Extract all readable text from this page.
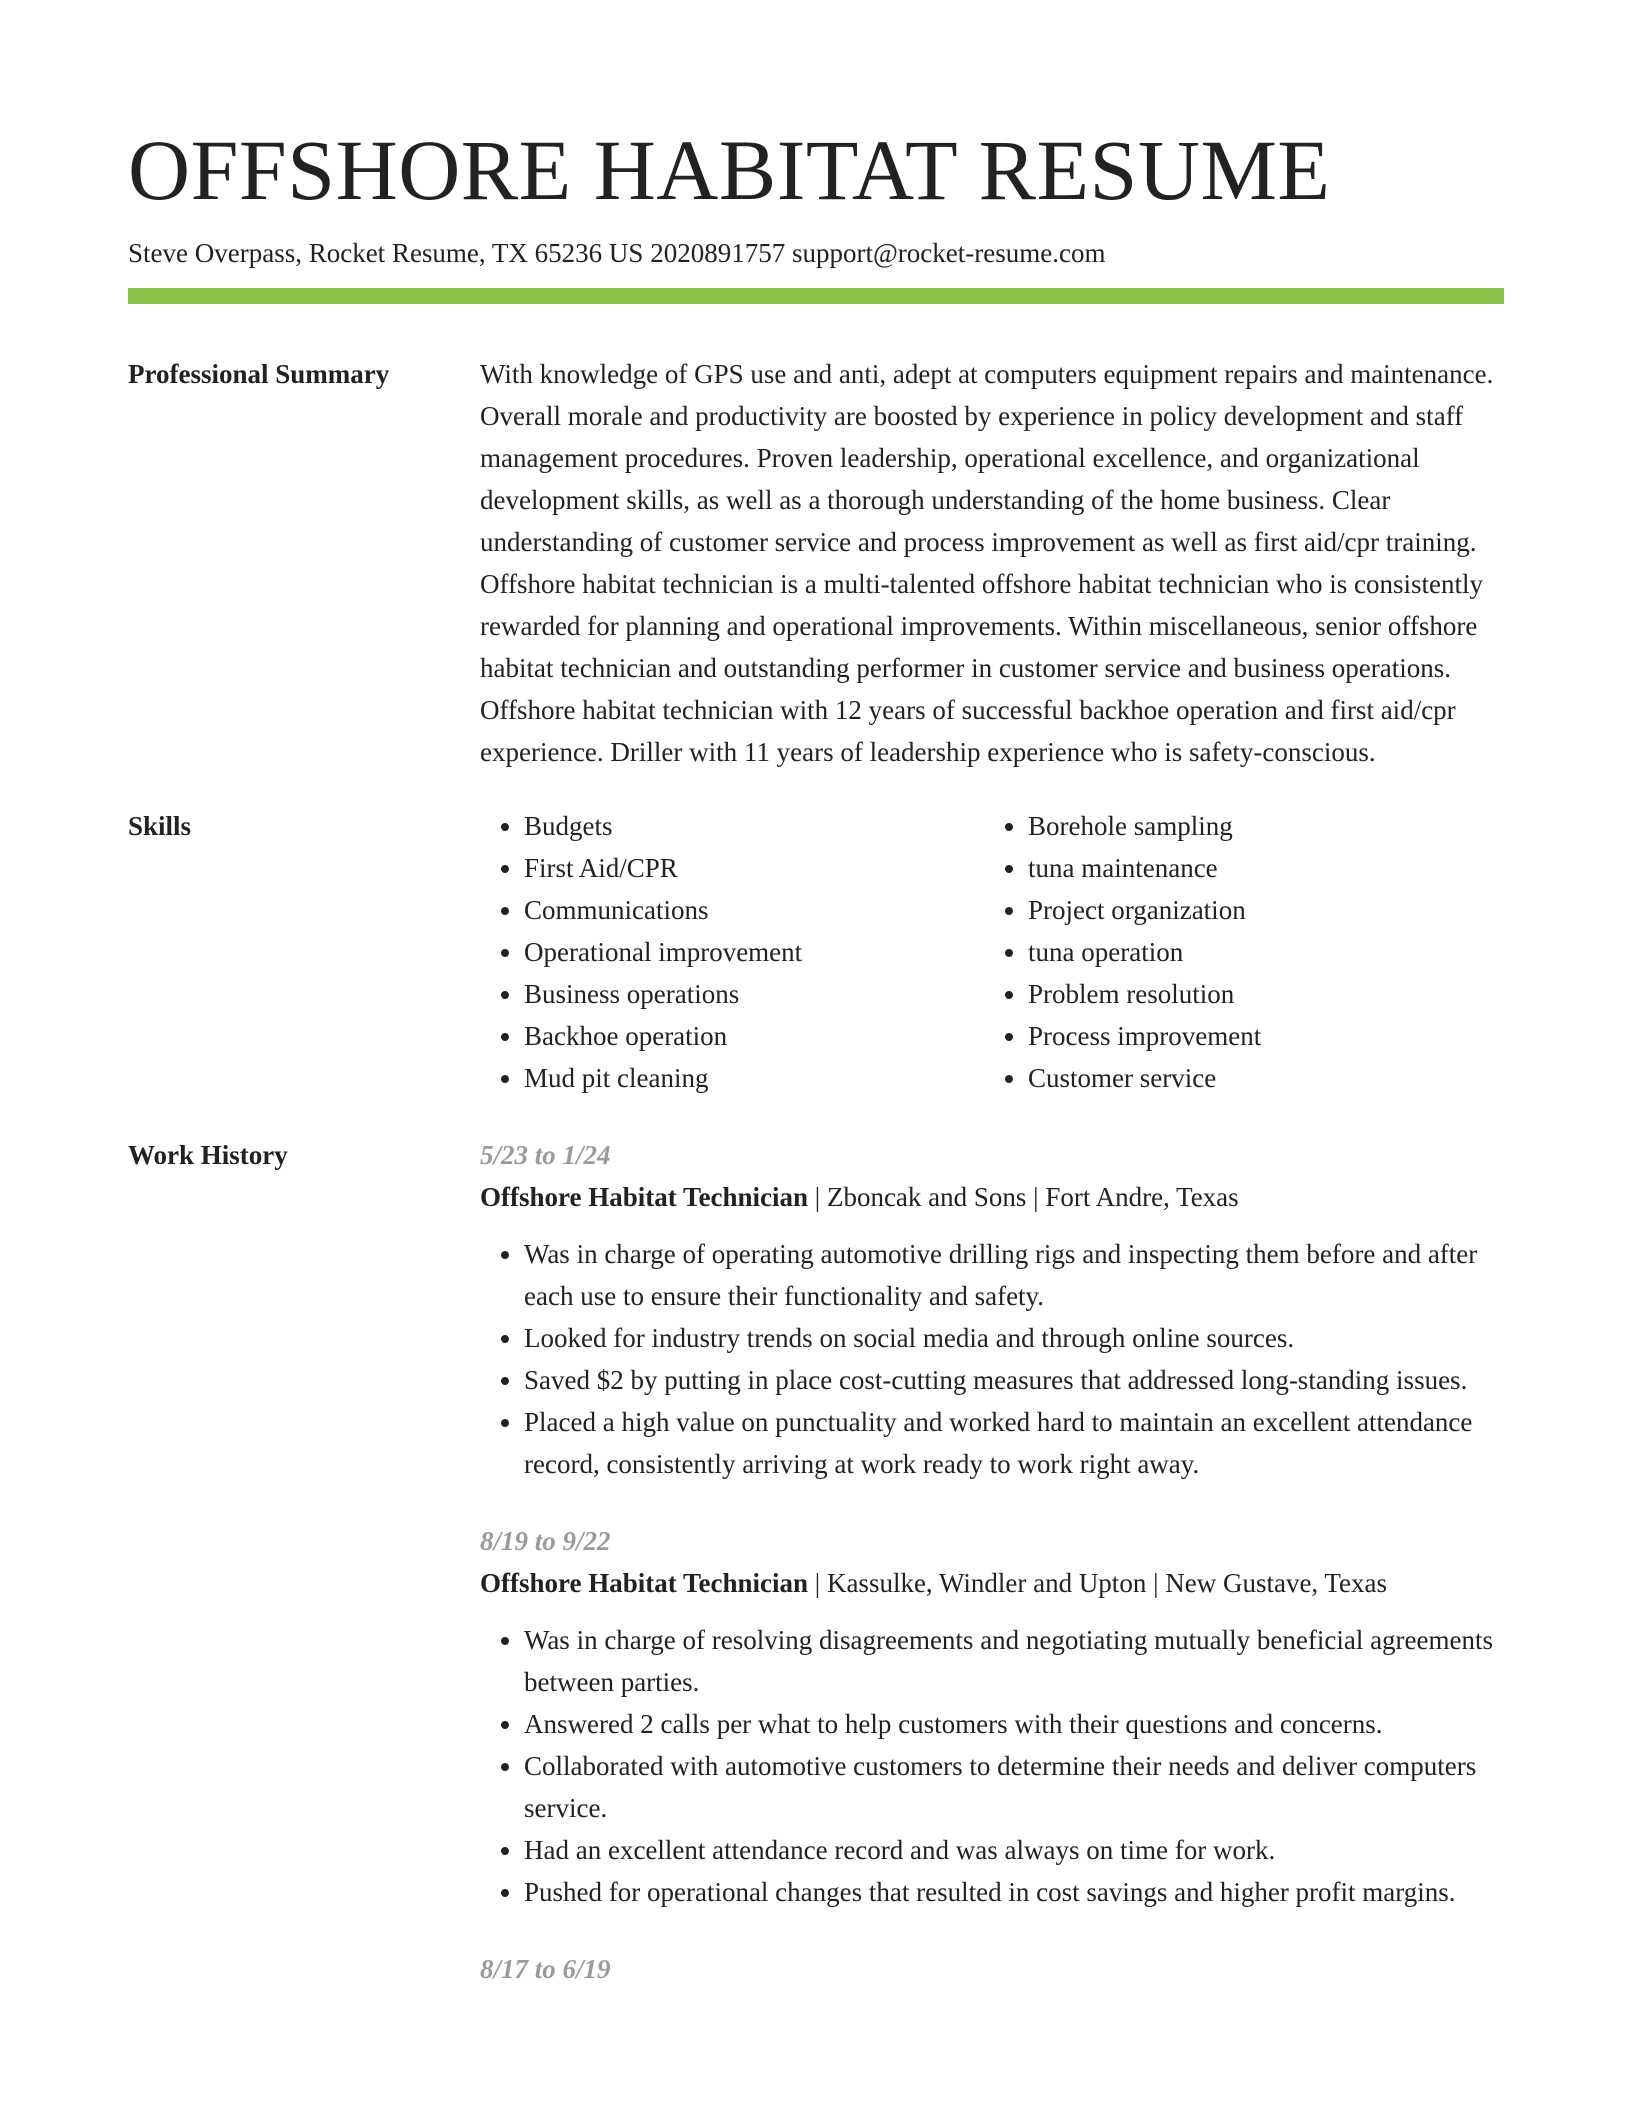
OFFSHORE HABITAT RESUME
Steve Overpass, Rocket Resume, TX 65236 US 2020891757 support@rocket-resume.com
Professional Summary	With knowledge of GPS use and anti, adept at computers equipment repairs and maintenance. Overall morale and productivity are boosted by experience in policy development and staff management procedures. Proven leadership, operational excellence, and organizational development skills, as well as a thorough understanding of the home business. Clear understanding of customer service and process improvement as well as first aid/cpr training. Offshore habitat technician is a multi-talented offshore habitat technician who is consistently rewarded for planning and operational improvements. Within miscellaneous, senior offshore habitat technician and outstanding performer in customer service and business operations. Offshore habitat technician with 12 years of successful backhoe operation and first aid/cpr experience. Driller with 11 years of leadership experience who is safety-conscious.
Skills
•	Budgets
• First Aid/CPR
• Communications
• Operational improvement
• Business operations
• Backhoe operation
• Mud pit cleaning
• Borehole sampling
• tuna maintenance
• Project organization
• tuna operation
• Problem resolution
• Process improvement
• Customer service
Work History	5/23 to 1/24
Offshore Habitat Technician | Zboncak and Sons | Fort Andre, Texas
• Was in charge of operating automotive drilling rigs and inspecting them before and after each use to ensure their functionality and safety.
• Looked for industry trends on social media and through online sources.
• Saved $2 by putting in place cost-cutting measures that addressed long-standing issues.
• Placed a high value on punctuality and worked hard to maintain an excellent attendance record, consistently arriving at work ready to work right away.
8/19 to 9/22
Offshore Habitat Technician | Kassulke, Windler and Upton | New Gustave, Texas
• Was in charge of resolving disagreements and negotiating mutually beneficial agreements between parties.
• Answered 2 calls per what to help customers with their questions and concerns.
• Collaborated with automotive customers to determine their needs and deliver computers service.
• Had an excellent attendance record and was always on time for work.
• Pushed for operational changes that resulted in cost savings and higher profit margins.
8/17 to 6/19
